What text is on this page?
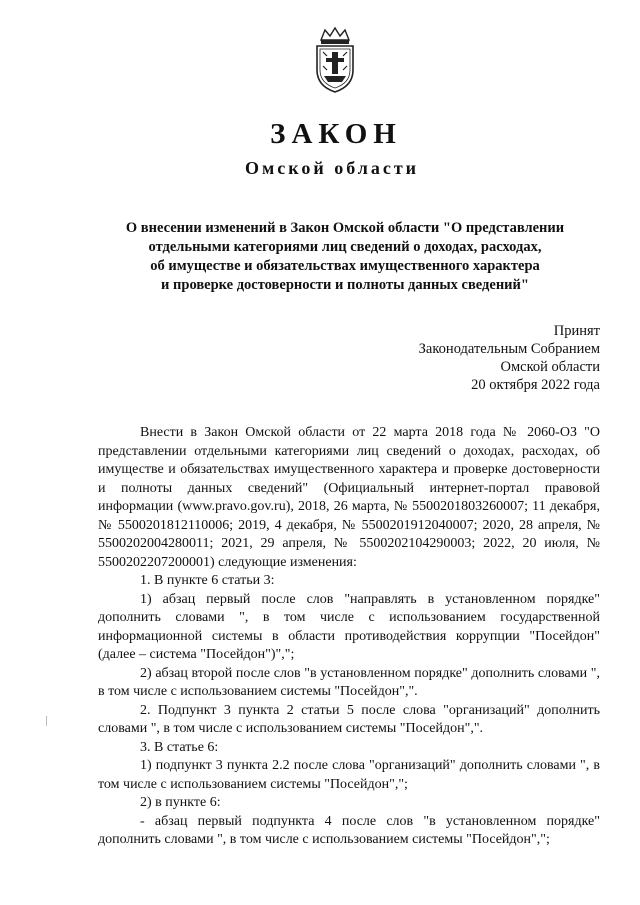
ЗАКОН
Омской области
О внесении изменений в Закон Омской области "О представлении
отдельными категориями лиц сведений о доходах, расходах,
об имуществе и обязательствах имущественного характера
и проверке достоверности и полноты данных сведений"
Принят
Законодательным Собранием
Омской области
20 октября 2022 года

Внести в Закон Омской области от 22 марта 2018 года № 2060-ОЗ "О представлении отдельными категориями лиц сведений о доходах, расходах, об имуществе и обязательствах имущественного характера и проверке достоверности и полноты данных сведений" (Официальный интернет-портал правовой информации (www.pravo.gov.ru), 2018, 26 марта, № 5500201803260007; 11 декабря, № 5500201812110006; 2019, 4 декабря, № 5500201912040007; 2020, 28 апреля, № 5500202004280011; 2021, 29 апреля, № 5500202104290003; 2022, 20 июля, № 5500202207200001) следующие изменения:

1. В пункте 6 статьи 3:

1) абзац первый после слов "направлять в установленном порядке" дополнить словами ", в том числе с использованием государственной информационной системы в области противодействия коррупции "Посейдон" (далее – система "Посейдон")",";

2) абзац второй после слов "в установленном порядке" дополнить словами ", в том числе с использованием системы "Посейдон",".

2. Подпункт 3 пункта 2 статьи 5 после слова "организаций" дополнить словами ", в том числе с использованием системы "Посейдон",".

3. В статье 6:

1) подпункт 3 пункта 2.2 после слова "организаций" дополнить словами ", в том числе с использованием системы "Посейдон",";

2) в пункте 6:

- абзац первый подпункта 4 после слов "в установленном порядке" дополнить словами ", в том числе с использованием системы "Посейдон",";
